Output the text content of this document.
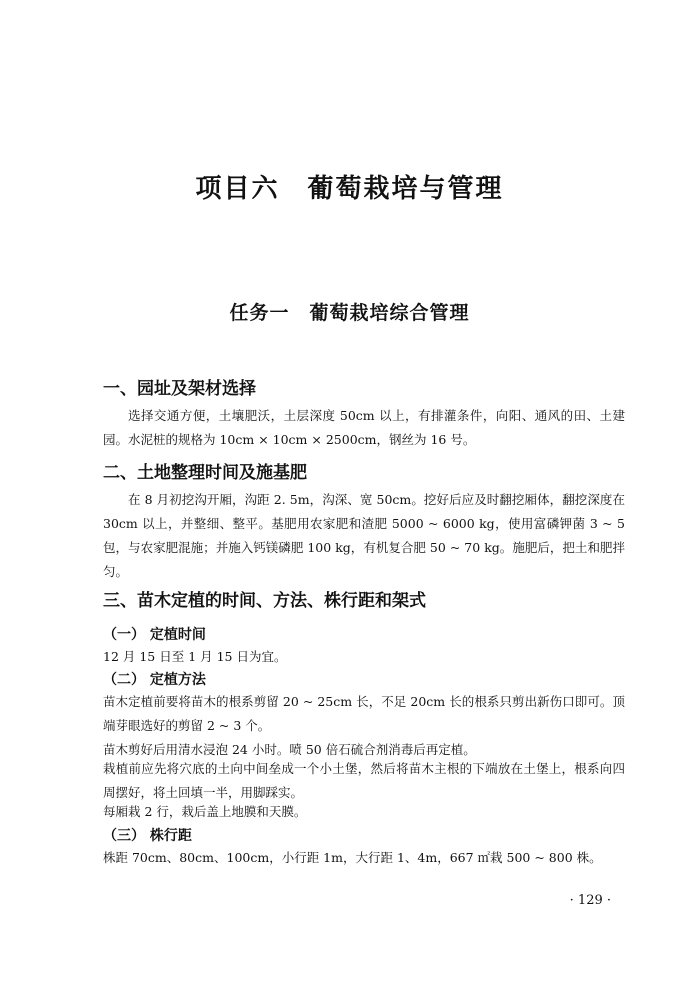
项目六　葡萄栽培与管理
任务一　葡萄栽培综合管理
一、园址及架材选择
选择交通方便，土壤肥沃，土层深度 50cm 以上，有排灌条件，向阳、通风的田、土建园。水泥桩的规格为 10cm × 10cm × 2500cm，钢丝为 16 号。
二、土地整理时间及施基肥
在 8 月初挖沟开厢，沟距 2. 5m，沟深、宽 50cm。挖好后应及时翻挖厢体，翻挖深度在 30cm 以上，并整细、整平。基肥用农家肥和渣肥 5000 ~ 6000 kg，使用富磷钾菌 3 ~ 5 包，与农家肥混施；并施入钙镁磷肥 100 kg，有机复合肥 50 ~ 70 kg。施肥后，把土和肥拌匀。
三、苗木定植的时间、方法、株行距和架式
（一） 定植时间
12 月 15 日至 1 月 15 日为宜。
（二） 定植方法
苗木定植前要将苗木的根系剪留 20 ~ 25cm 长，不足 20cm 长的根系只剪出新伤口即可。顶端芽眼选好的剪留 2 ~ 3 个。
苗木剪好后用清水浸泡 24 小时。喷 50 倍石硫合剂消毒后再定植。
栽植前应先将穴底的土向中间垒成一个小土堡，然后将苗木主根的下端放在土堡上，根系向四周摆好，将土回填一半，用脚踩实。
每厢栽 2 行，栽后盖上地膜和天膜。
（三） 株行距
株距 70cm、80cm、100cm，小行距 1m，大行距 1、4m，667 ㎡栽 500 ~ 800 株。
· 129 ·
